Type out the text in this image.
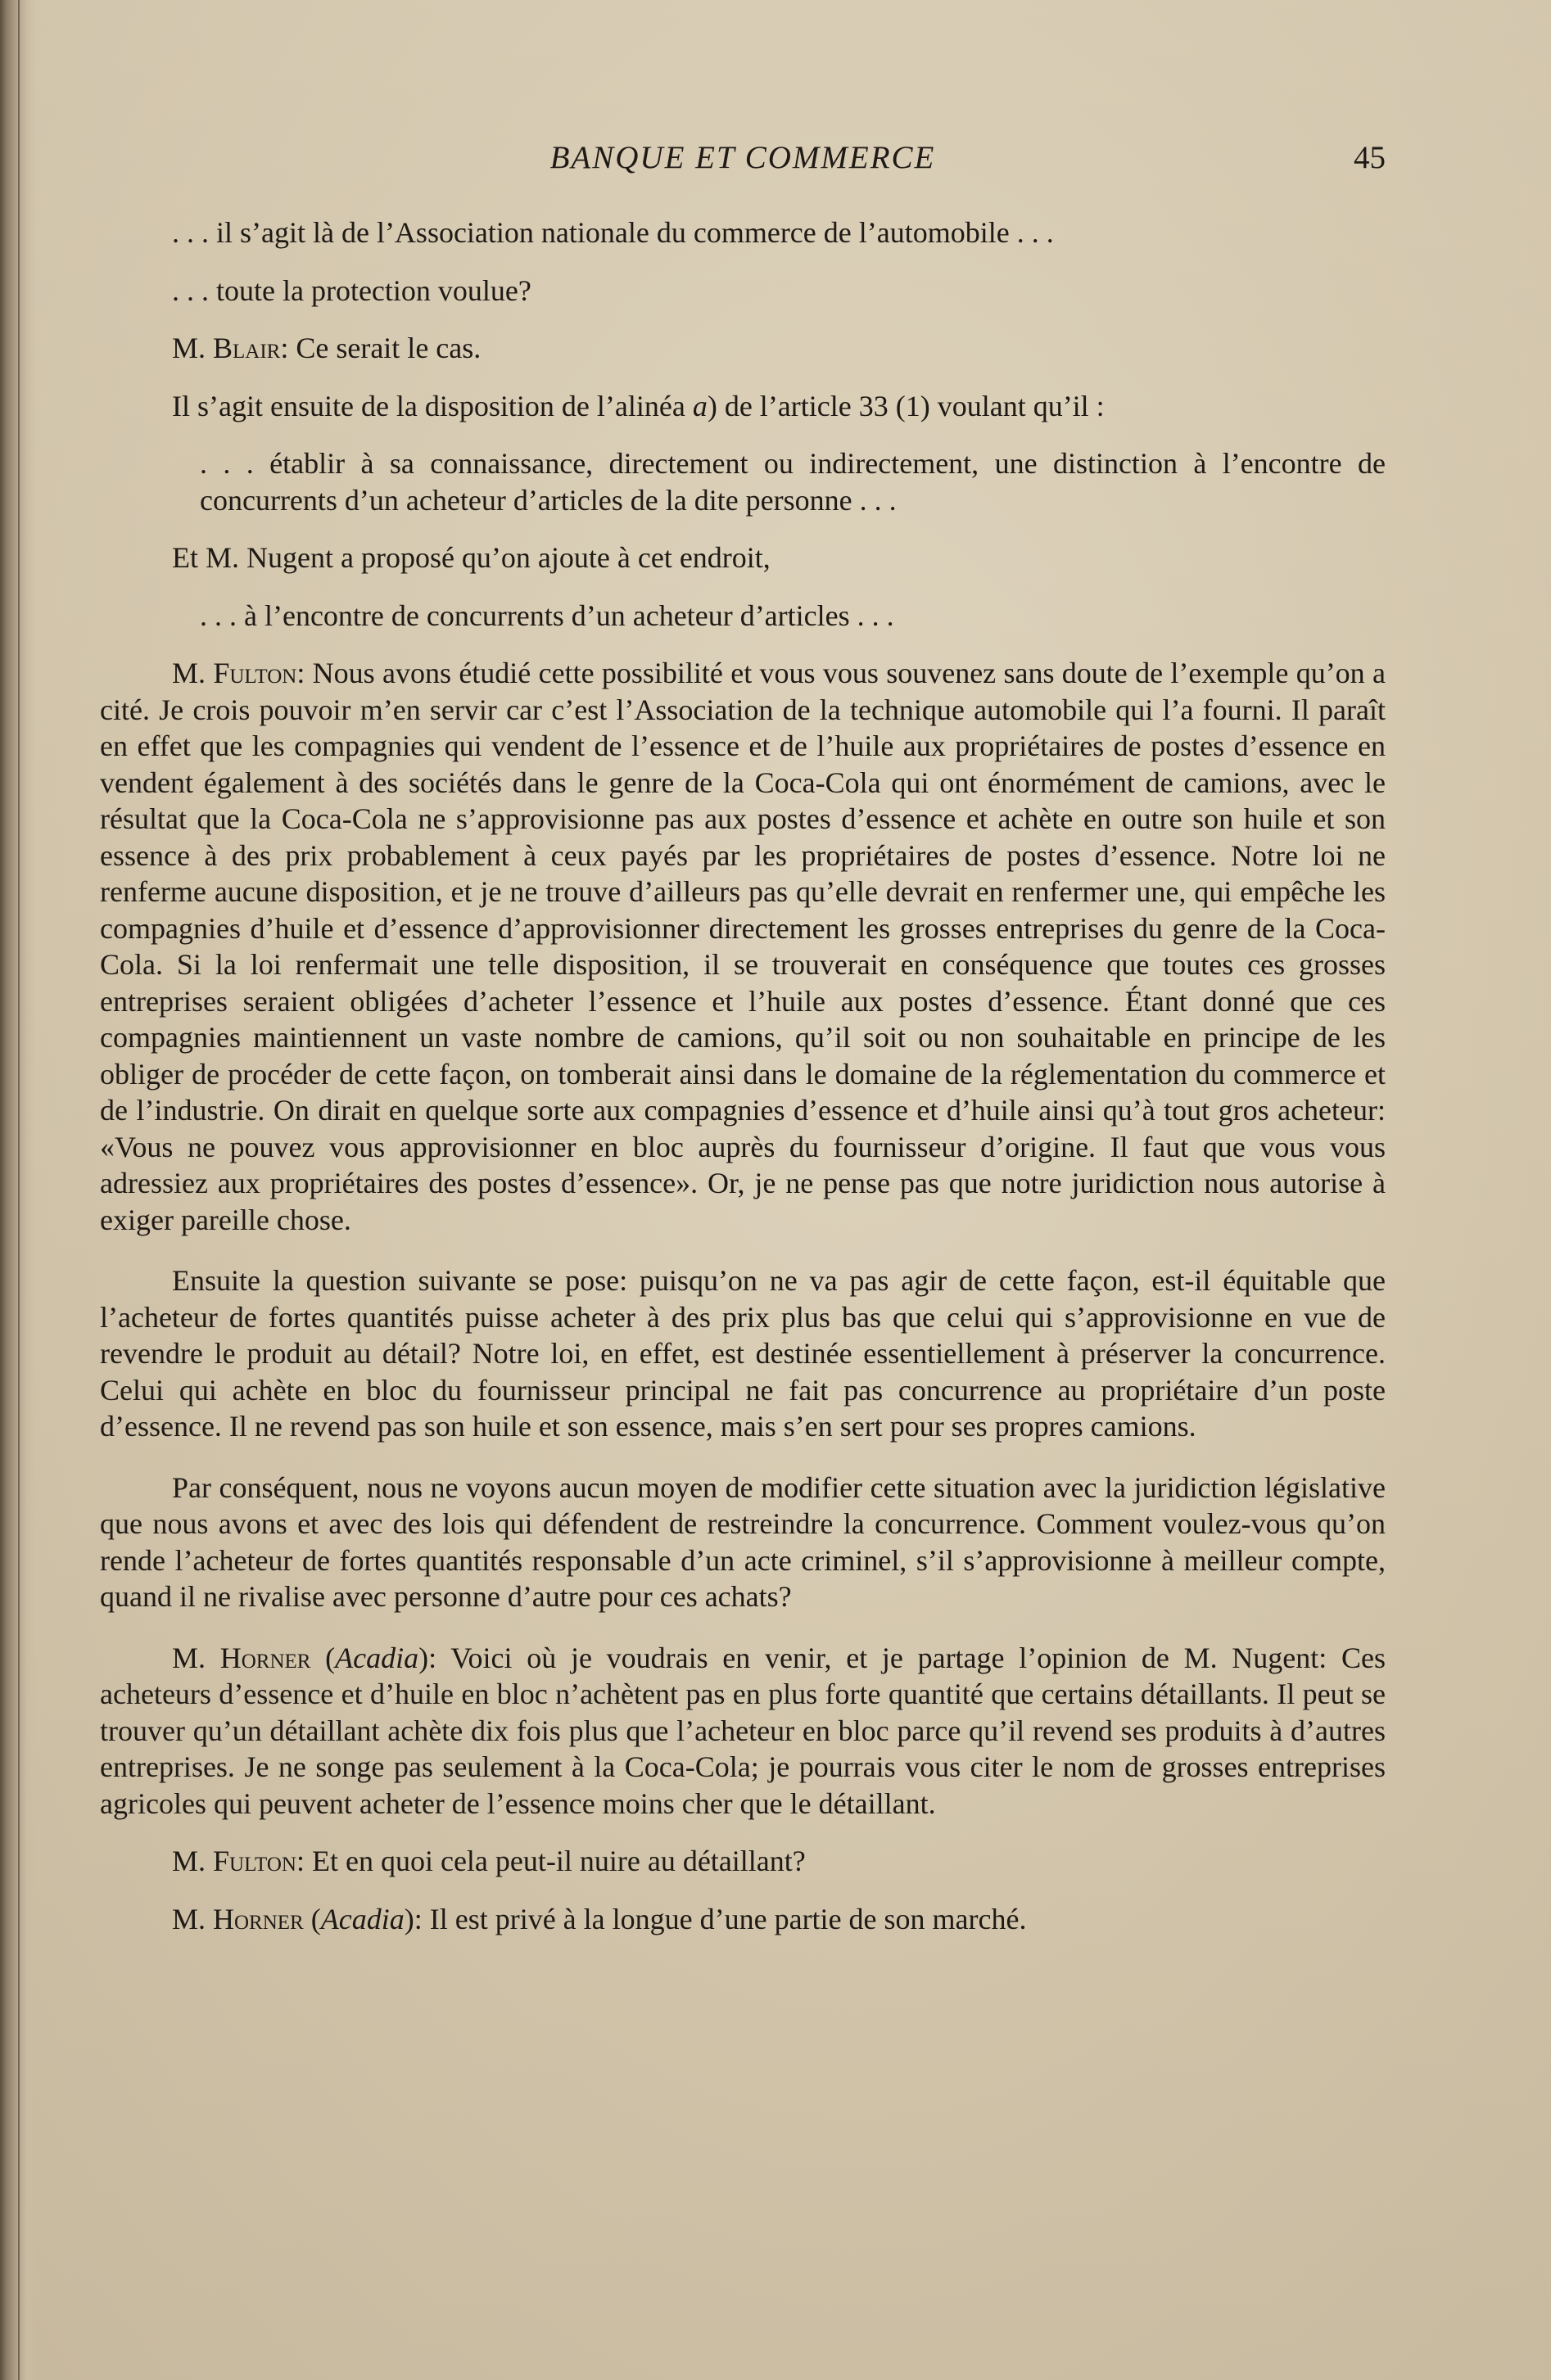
BANQUE ET COMMERCE	45

. . . il s’agit là de l’Association nationale du commerce de l’automobile . . .

. . . toute la protection voulue?

M. Blair: Ce serait le cas.

Il s’agit ensuite de la disposition de l’alinéa a) de l’article 33 (1) voulant qu’il :

. . . établir à sa connaissance, directement ou indirectement, une distinction à l’encontre de concurrents d’un acheteur d’articles de la dite personne . . .

Et M. Nugent a proposé qu’on ajoute à cet endroit,

. . . à l’encontre de concurrents d’un acheteur d’articles . . .

M. Fulton: Nous avons étudié cette possibilité et vous vous souvenez sans doute de l’exemple qu’on a cité. Je crois pouvoir m’en servir car c’est l’Association de la technique automobile qui l’a fourni. Il paraît en effet que les compagnies qui vendent de l’essence et de l’huile aux propriétaires de postes d’essence en vendent également à des sociétés dans le genre de la Coca-Cola qui ont énormément de camions, avec le résultat que la Coca-Cola ne s’approvisionne pas aux postes d’essence et achète en outre son huile et son essence à des prix probablement à ceux payés par les propriétaires de postes d’essence. Notre loi ne renferme aucune disposition, et je ne trouve d’ailleurs pas qu’elle devrait en renfermer une, qui empêche les compagnies d’huile et d’essence d’approvisionner directement les grosses entreprises du genre de la Coca-Cola. Si la loi renfermait une telle disposition, il se trouverait en conséquence que toutes ces grosses entreprises seraient obligées d’acheter l’essence et l’huile aux postes d’essence. Étant donné que ces compagnies maintiennent un vaste nombre de camions, qu’il soit ou non souhaitable en principe de les obliger de procéder de cette façon, on tomberait ainsi dans le domaine de la réglementation du commerce et de l’industrie. On dirait en quelque sorte aux compagnies d’essence et d’huile ainsi qu’à tout gros acheteur: «Vous ne pouvez vous approvisionner en bloc auprès du fournisseur d’origine. Il faut que vous vous adressiez aux propriétaires des postes d’essence». Or, je ne pense pas que notre juridiction nous autorise à exiger pareille chose.

Ensuite la question suivante se pose: puisqu’on ne va pas agir de cette façon, est-il équitable que l’acheteur de fortes quantités puisse acheter à des prix plus bas que celui qui s’approvisionne en vue de revendre le produit au détail? Notre loi, en effet, est destinée essentiellement à préserver la concurrence. Celui qui achète en bloc du fournisseur principal ne fait pas concurrence au propriétaire d’un poste d’essence. Il ne revend pas son huile et son essence, mais s’en sert pour ses propres camions.

Par conséquent, nous ne voyons aucun moyen de modifier cette situation avec la juridiction législative que nous avons et avec des lois qui défendent de restreindre la concurrence. Comment voulez-vous qu’on rende l’acheteur de fortes quantités responsable d’un acte criminel, s’il s’approvisionne à meilleur compte, quand il ne rivalise avec personne d’autre pour ces achats?

M. Horner (Acadia): Voici où je voudrais en venir, et je partage l’opinion de M. Nugent: Ces acheteurs d’essence et d’huile en bloc n’achètent pas en plus forte quantité que certains détaillants. Il peut se trouver qu’un détaillant achète dix fois plus que l’acheteur en bloc parce qu’il revend ses produits à d’autres entreprises. Je ne songe pas seulement à la Coca-Cola; je pourrais vous citer le nom de grosses entreprises agricoles qui peuvent acheter de l’essence moins cher que le détaillant.

M. Fulton: Et en quoi cela peut-il nuire au détaillant?

M. Horner (Acadia): Il est privé à la longue d’une partie de son marché.
